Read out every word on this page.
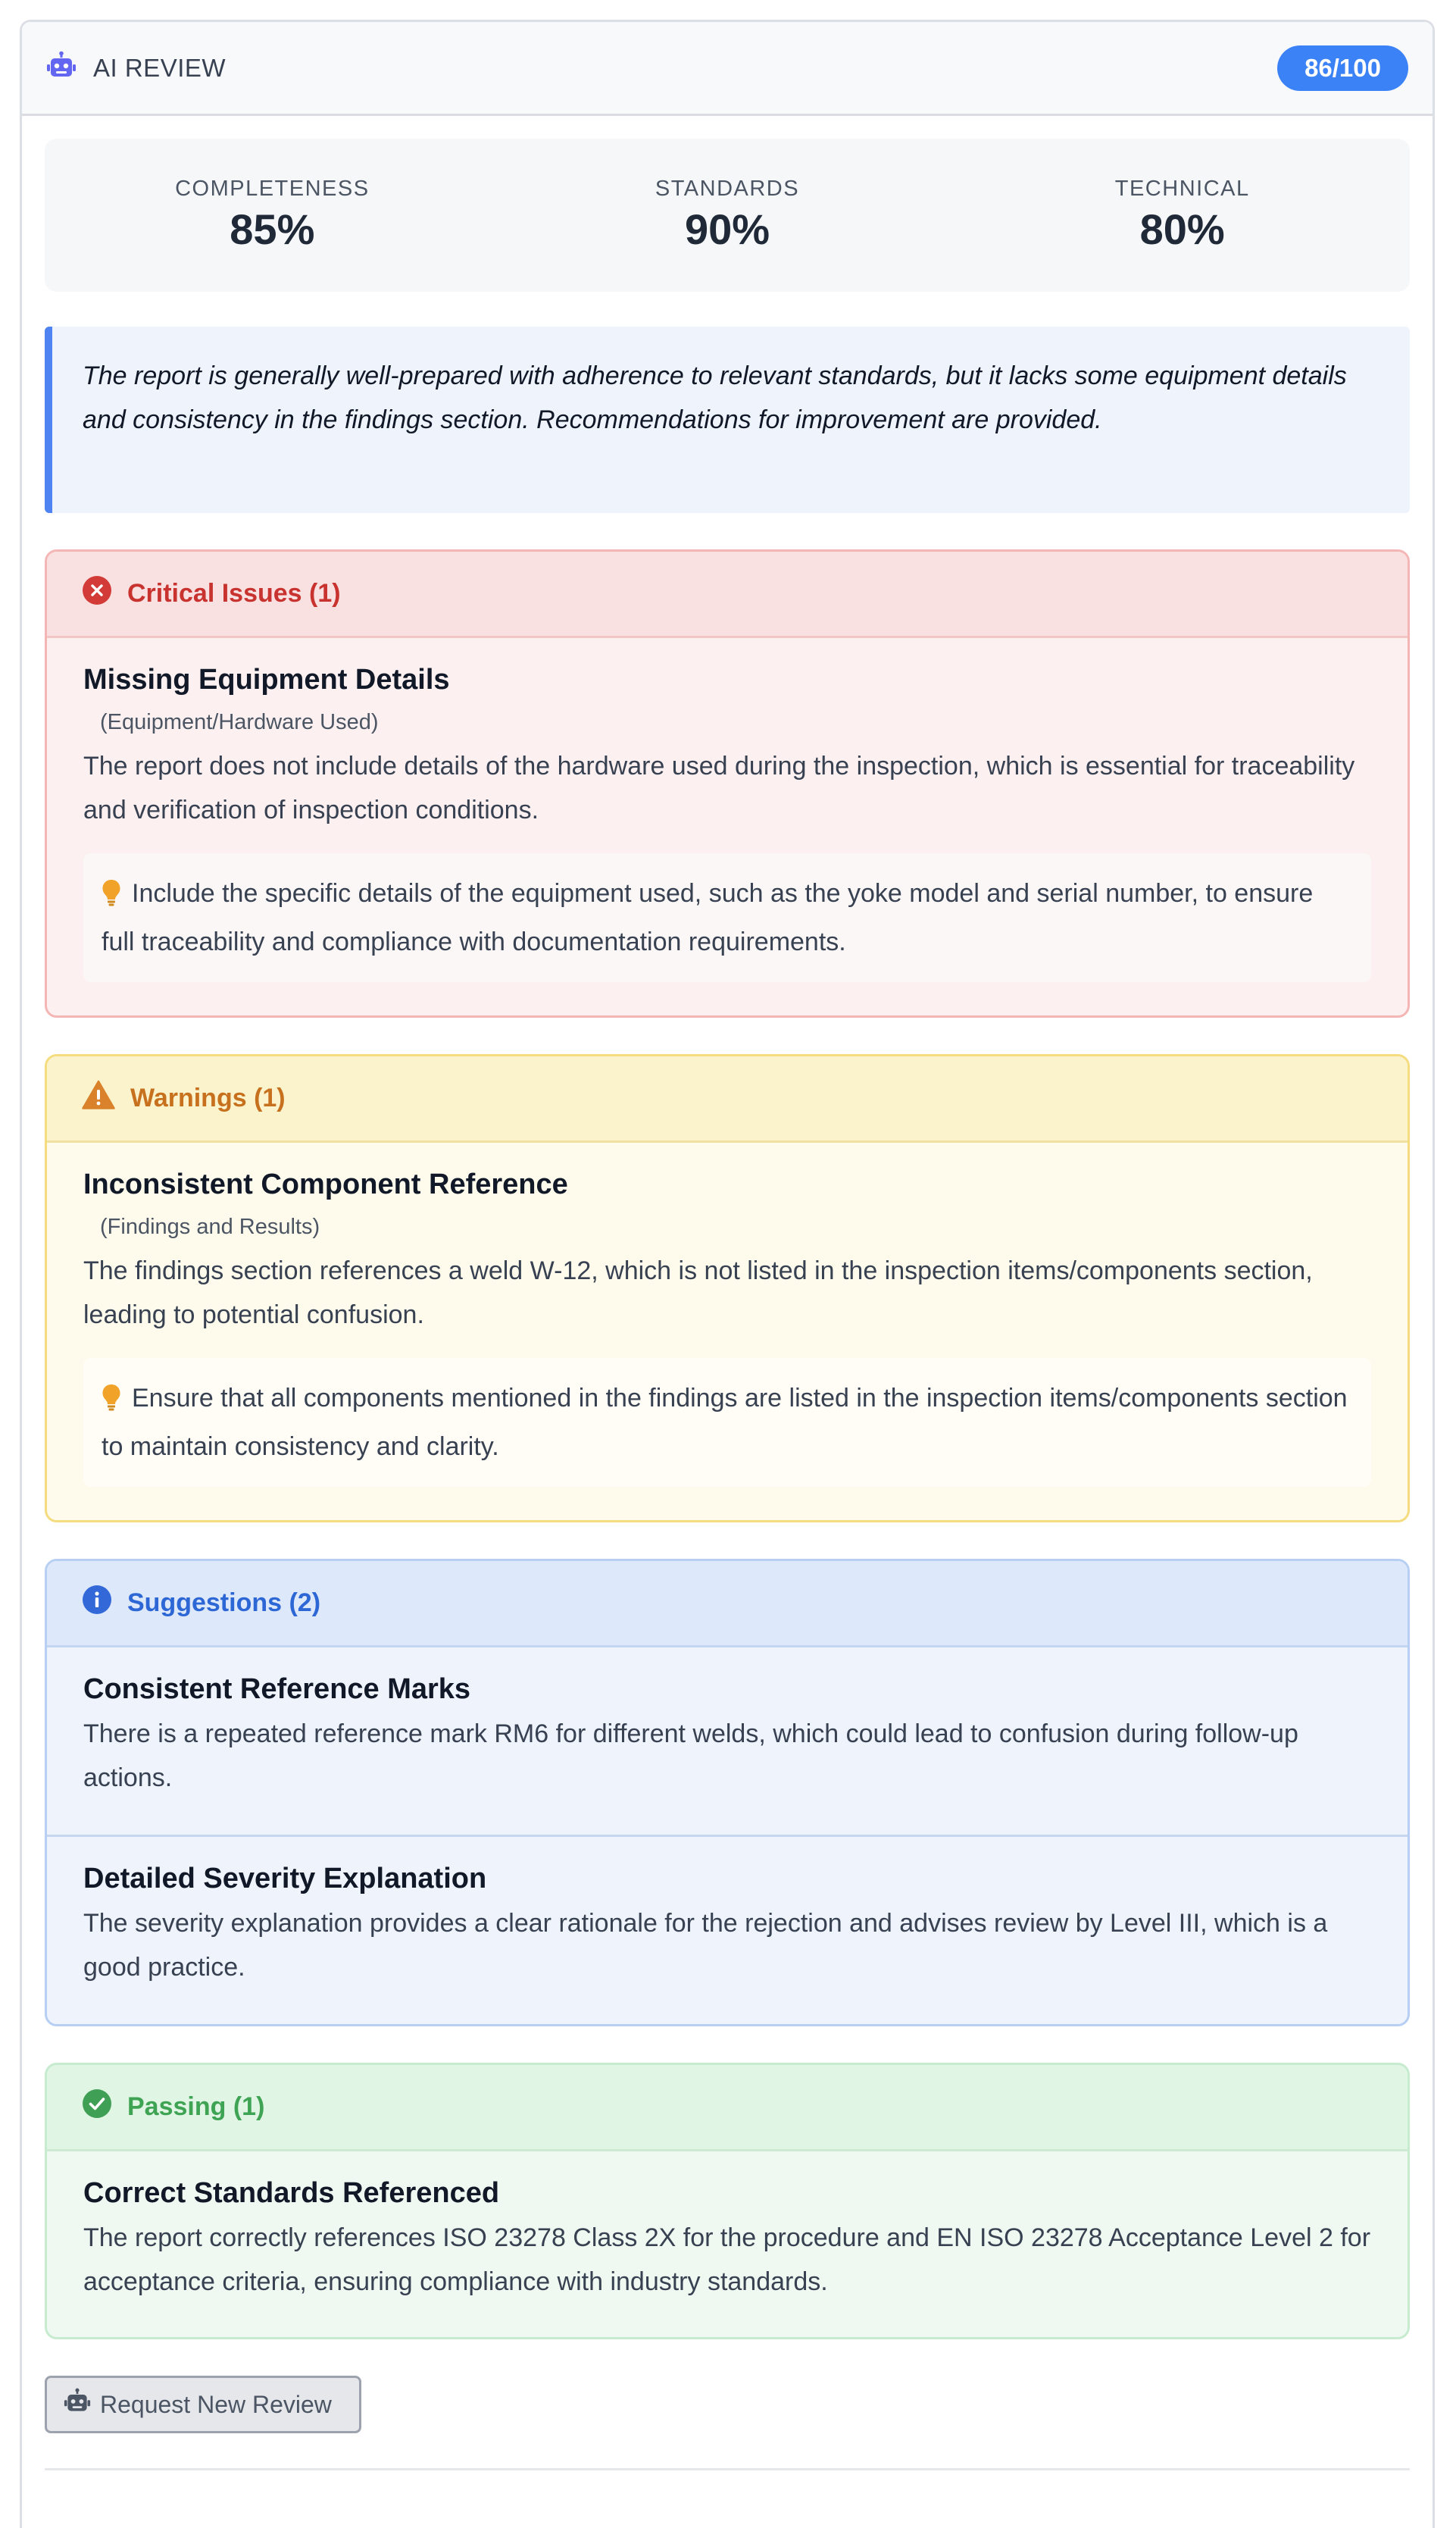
AI REVIEW	86/100
COMPLETENESS
85%
STANDARDS
90%
TECHNICAL
80%
The report is generally well-prepared with adherence to relevant standards, but it lacks some equipment details and consistency in the findings section. Recommendations for improvement are provided.
Critical Issues (1)
Missing Equipment Details
(Equipment/Hardware Used)
The report does not include details of the hardware used during the inspection, which is essential for traceability and verification of inspection conditions.
Include the specific details of the equipment used, such as the yoke model and serial number, to ensure full traceability and compliance with documentation requirements.
Warnings (1)
Inconsistent Component Reference
(Findings and Results)
The findings section references a weld W-12, which is not listed in the inspection items/components section, leading to potential confusion.
Ensure that all components mentioned in the findings are listed in the inspection items/components section to maintain consistency and clarity.
Suggestions (2)
Consistent Reference Marks
There is a repeated reference mark RM6 for different welds, which could lead to confusion during follow-up actions.
Detailed Severity Explanation
The severity explanation provides a clear rationale for the rejection and advises review by Level III, which is a good practice.
Passing (1)
Correct Standards Referenced
The report correctly references ISO 23278 Class 2X for the procedure and EN ISO 23278 Acceptance Level 2 for acceptance criteria, ensuring compliance with industry standards.
Request New Review
